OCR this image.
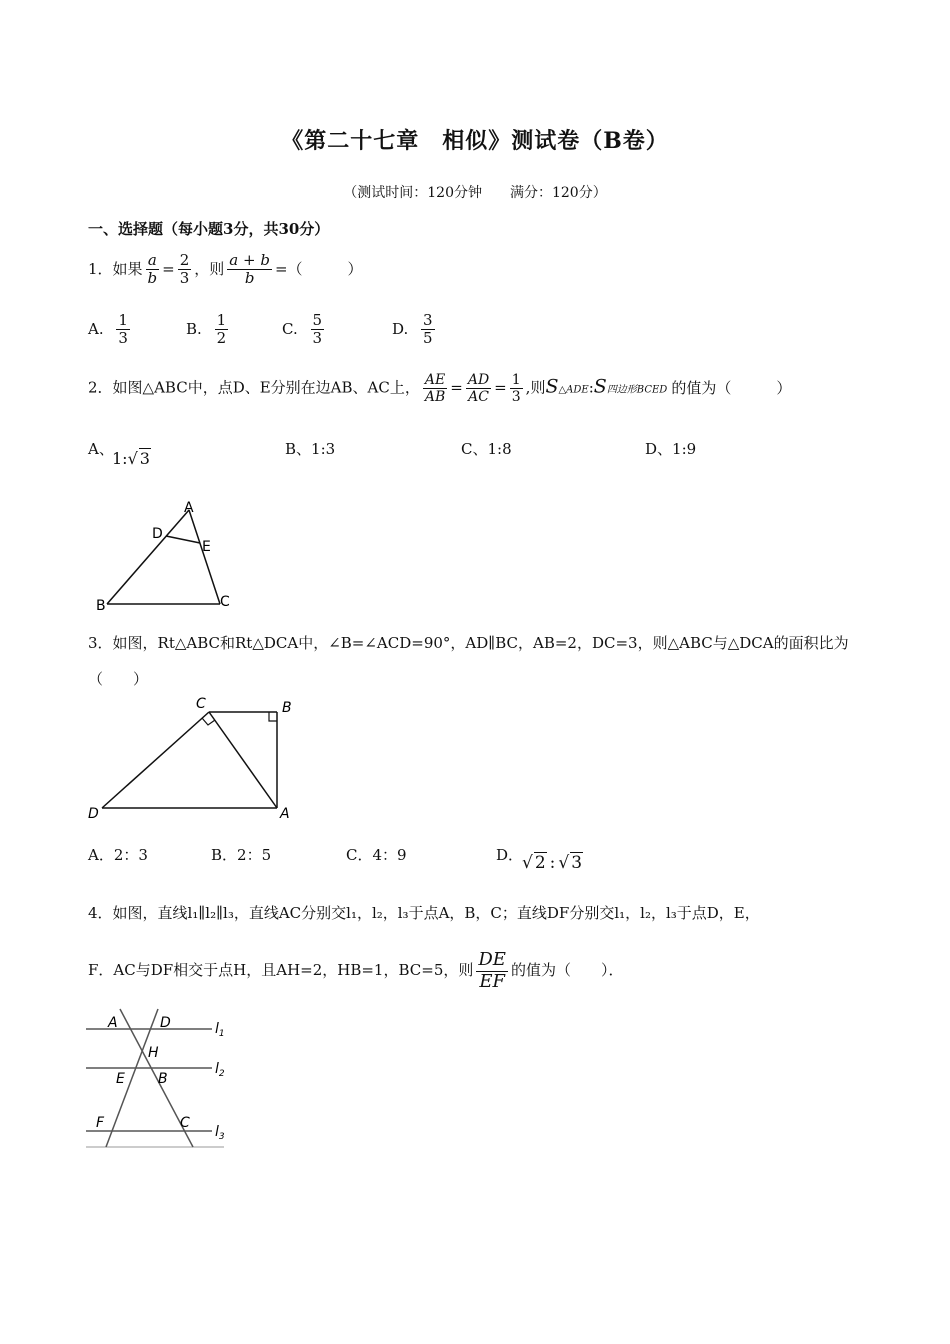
《第二十七章　相似》测试卷（B卷）
（测试时间：120分钟　　满分：120分）
一、选择题（每小题3分，共30分）
1．如果 $\frac{a}{b} = \frac{2}{3}$ ，则 $\frac{a + b}{b}$ =（　　　）
A. $\frac{1}{3}$	B. $\frac{1}{2}$	C. $\frac{5}{3}$	D. $\frac{3}{5}$
2．如图△ABC中，点D、E分别在边AB、AC上， $\frac{AE}{AB} = \frac{AD}{AC} = \frac{1}{3}$ ,则S△ADE:S四边形BCED 的值为（　　　）
A、
1:√ 3	B、1:3	C、1:8	D、1:9
A
B	C
D
E
3．如图，Rt△ABC和Rt△DCA中，∠B=∠ACD=90°，AD∥BC，AB=2，DC=3，则△ABC与△DCA的面积比为
（　　）
C	B
D	A
A．2：3	B．2：5	C．4：9	D．
√ 2 : √ 3
4．如图，直线l₁∥l₂∥l₃，直线AC分别交l₁，l₂，l₃于点A，B，C；直线DF分别交l₁，l₂，l₃于点D，E，
F．AC与DF相交于点H，且AH=2，HB=1，BC=5，则 $\frac{DE}{EF}$ 的值为（　　）．
A	D
H
E B
F	C
$l_1$
$l_2$
$l_3$
